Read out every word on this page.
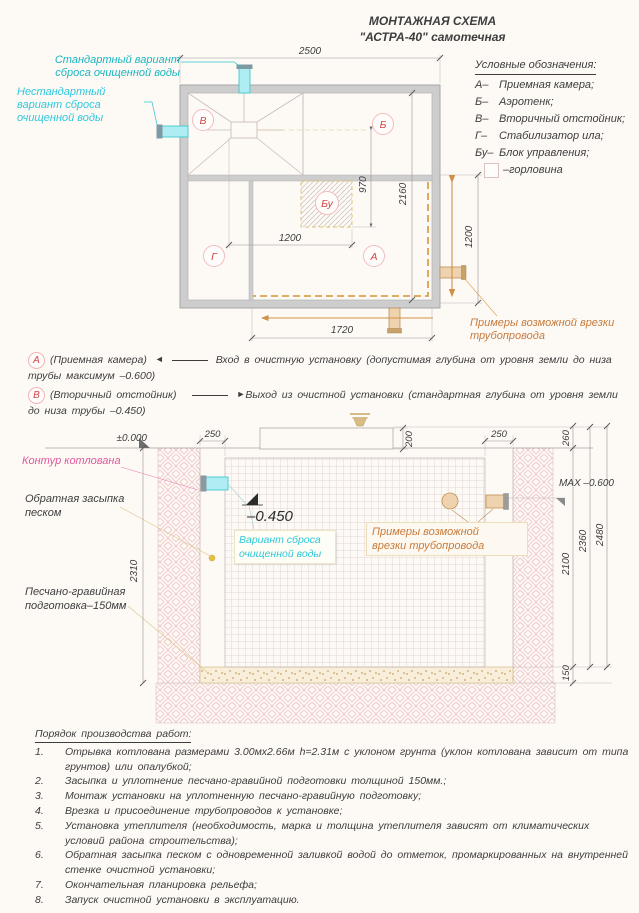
МОНТАЖНАЯ СХЕМА
"АСТРА-40" самотечная
Условные обозначения:
А– Приемная камера;
Б– Аэротенк;
В– Вторичный отстойник;
Г–	Стабилизатор ила;
Бу– Блок управления;
–горловина
2500
970	2160
1200
1200
1720
В	Б
Г	А
Бу
Стандартный вариант сброса очищенной воды
Нестандартный вариант сброса очищенной воды
Примеры возможной врезки трубопровода
А (Приемная камера) ◄	Вход в очистную установку (допустимая глубина от уровня земли до низа трубы максимум –0.600)
В (Вторичный отстойник)	►Выход из очистной установки (стандартная глубина от уровня земли до низа трубы –0.450)
±0.000	250	200	250	260
MAX –0.600
–0.450
2100
2360 2480
150
2310
Контур котлована
Обратная засыпка песком
Песчано-гравийная подготовка–150мм
Вариант сброса
очищенной воды
Примеры возможной
врезки трубопровода
Порядок производства работ:
1.	Отрывка котлована размерами 3.00мх2.66м h=2.31м с уклоном грунта (уклон котлована зависит от типа грунтов) или опалубкой;
2.	Засыпка и уплотнение песчано-гравийной подготовки толщиной 150мм.;
3.	Монтаж установки на уплотненную песчано-гравийную подготовку;
4.	Врезка и присоединение трубопроводов к установке;
5.	Установка утеплителя (необходимость, марка и толщина утеплителя зависят от климатических условий района строительства);
6.	Обратная засыпка песком с одновременной заливкой водой до отметок, промаркированных на внутренней стенке очистной установки;
7.	Окончательная планировка рельефа;
8.	Запуск очистной установки в эксплуатацию.
